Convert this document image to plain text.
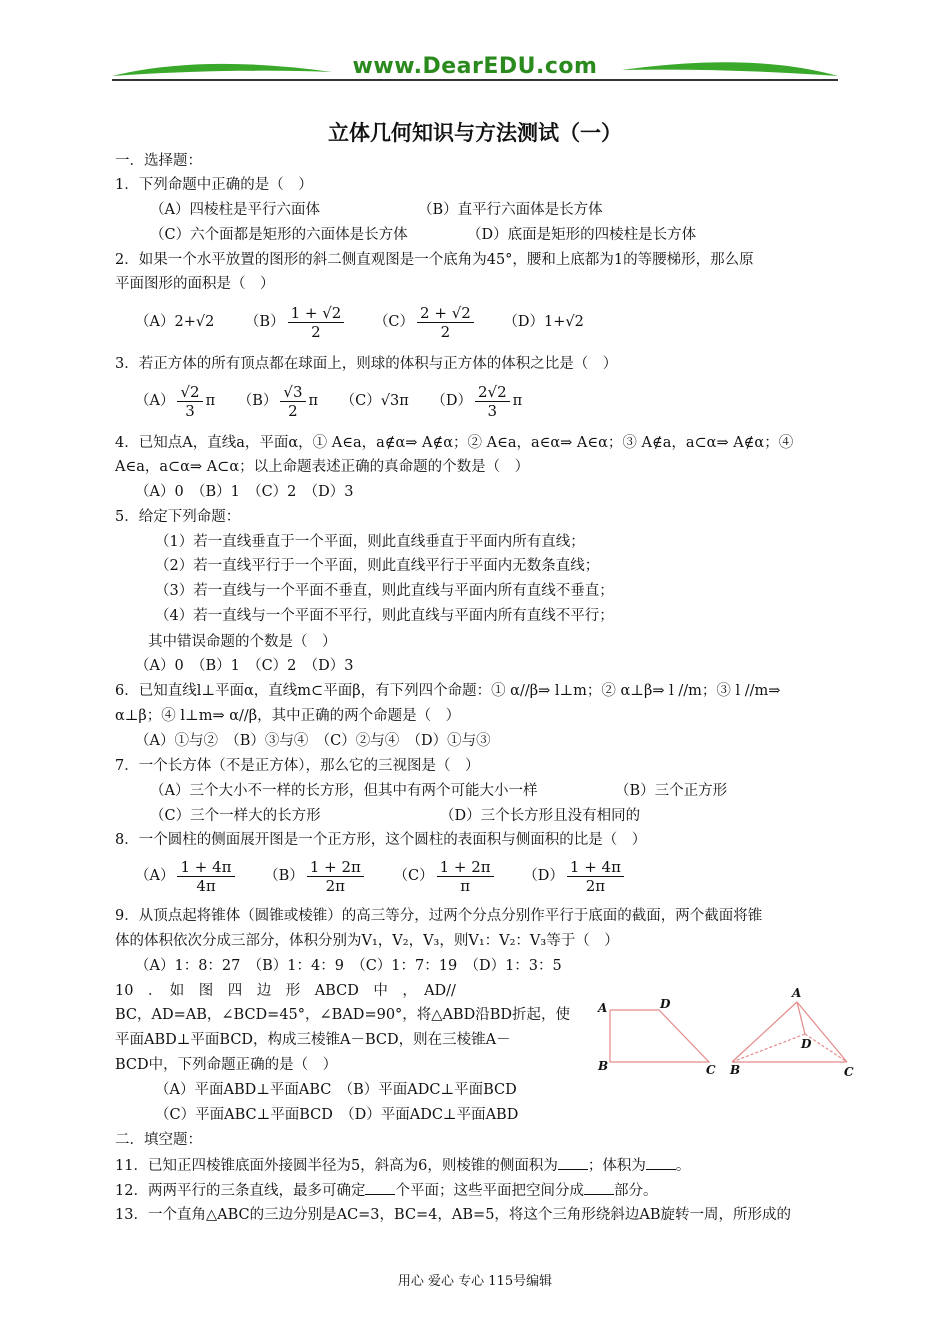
www.DearEDU.com
立体几何知识与方法测试（一）
一．选择题：
1．下列命题中正确的是（　）
（A）四棱柱是平行六面体	（B）直平行六面体是长方体
（C）六个面都是矩形的六面体是长方体	（D）底面是矩形的四棱柱是长方体
2．如果一个水平放置的图形的斜二侧直观图是一个底角为45°，腰和上底都为1的等腰梯形，那么原
平面图形的面积是（　）
（A）2+√2 $(B) \frac{1 + √2}{2} (C) \frac{2 + √2}{2} (D)1+√2$
3．若正方体的所有顶点都在球面上，则球的体积与正方体的体积之比是（　）
$(A) \frac{√2}{3}$ π $(B) \frac{√3}{2}$ π （C）√3π $(D) \frac{2√2}{3}$ π
4．已知点A，直线a，平面α，① A∈a，a∉α⇒ A∉α；② A∈a，a∈α⇒ A∈α；③ A∉a，a⊂α⇒ A∉α；④
A∈a，a⊂α⇒ A⊂α；以上命题表述正确的真命题的个数是（　）
（A）0　（B）1　（C）2　（D）3
5．给定下列命题：
（1）若一直线垂直于一个平面，则此直线垂直于平面内所有直线；
（2）若一直线平行于一个平面，则此直线平行于平面内无数条直线；
（3）若一直线与一个平面不垂直，则此直线与平面内所有直线不垂直；
（4）若一直线与一个平面不平行，则此直线与平面内所有直线不平行；
其中错误命题的个数是（　）
（A）0　（B）1　（C）2　（D）3
6．已知直线l⊥平面α，直线m⊂平面β，有下列四个命题：① α//β⇒ l⊥m；② α⊥β⇒ l //m；③ l //m⇒
α⊥β；④ l⊥m⇒ α//β，其中正确的两个命题是（　）
（A）①与②　（B）③与④　（C）②与④　（D）①与③
7．一个长方体（不是正方体），那么它的三视图是（　）
（A）三个大小不一样的长方形，但其中有两个可能大小一样	（B）三个正方形
（C）三个一样大的长方形	（D）三个长方形且没有相同的
8．一个圆柱的侧面展开图是一个正方形，这个圆柱的表面积与侧面积的比是（　）
$(A) \frac{1 + 4\pi}{4\pi} (B) \frac{1 + 2\pi}{2\pi} (C) \frac{1 + 2\pi}{\pi} (D) \frac{1 + 4\pi}{2\pi}$
9．从顶点起将锥体（圆锥或棱锥）的高三等分，过两个分点分别作平行于底面的截面，两个截面将锥
体的体积依次分成三部分，体积分别为V₁，V₂，V₃，则V₁：V₂：V₃等于（　）
（A）1：8：27　（B）1：4：9　（C）1：7：19　（D）1：3：5
10　．　如　图　四　边　形　ABCD　中　，　AD//
BC，AD=AB，∠BCD=45°，∠BAD=90°，将△ABD沿BD折起，使
平面ABD⊥平面BCD，构成三棱锥A－BCD，则在三棱锥A－
BCD中，下列命题正确的是（　）
（A）平面ABD⊥平面ABC　（B）平面ADC⊥平面BCD
（C）平面ABC⊥平面BCD　（D）平面ADC⊥平面ABD
A	D
B	C
A
D
B	C
二．填空题：
11．已知正四棱锥底面外接圆半径为5，斜高为6，则棱锥的侧面积为 ；体积为 。
12．两两平行的三条直线，最多可确定 个平面；这些平面把空间分成 部分。
13．一个直角△ABC的三边分别是AC=3，BC=4，AB=5，将这个三角形绕斜边AB旋转一周，所形成的
用心 爱心 专心 115号编辑
